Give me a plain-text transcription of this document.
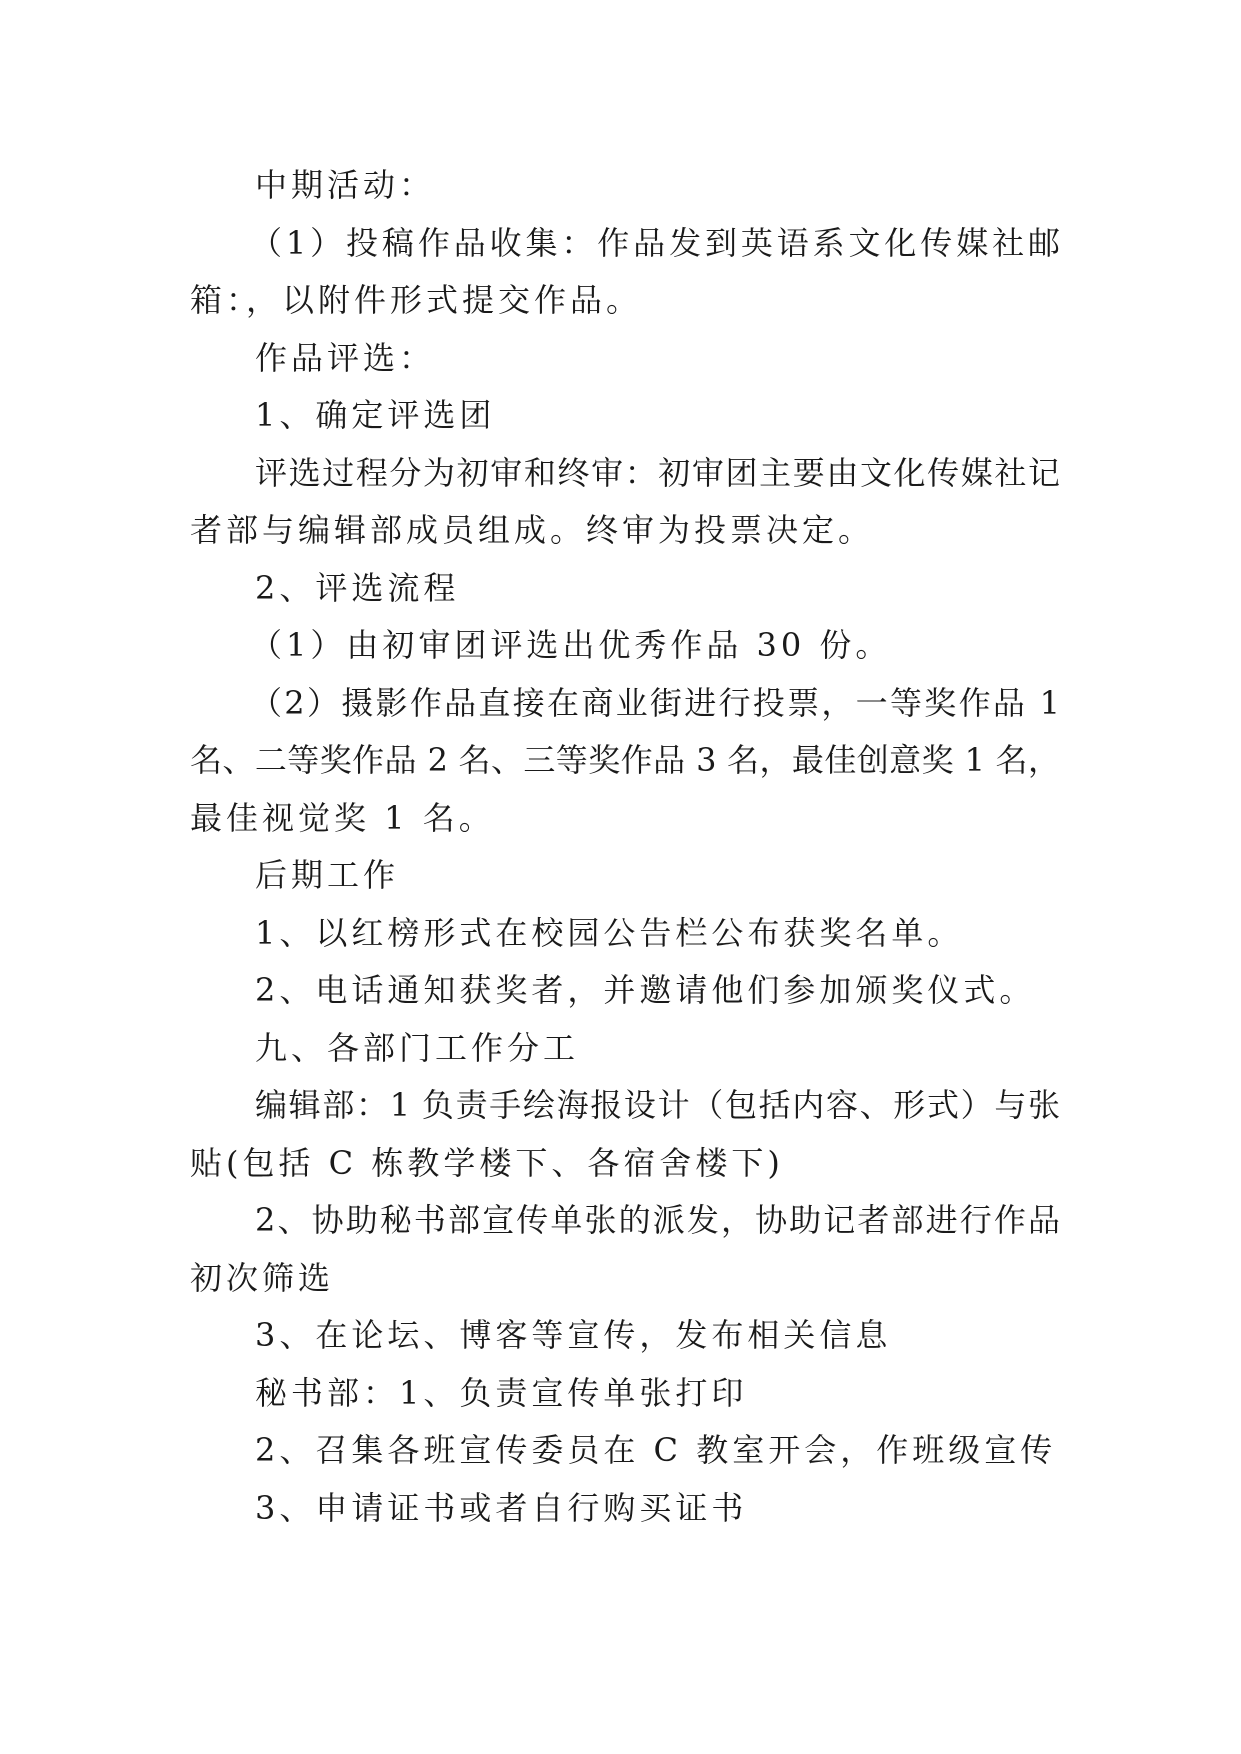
中期活动：
（1）投稿作品收集：作品发到英语系文化传媒社邮
箱：，以附件形式提交作品。
作品评选：
1、确定评选团
评选过程分为初审和终审：初审团主要由文化传媒社记
者部与编辑部成员组成。终审为投票决定。
2、评选流程
（1）由初审团评选出优秀作品 30 份。
（2）摄影作品直接在商业街进行投票，一等奖作品 1
名、二等奖作品 2 名、三等奖作品 3 名，最佳创意奖 1 名，
最佳视觉奖 1 名。
后期工作
1、以红榜形式在校园公告栏公布获奖名单。
2、电话通知获奖者，并邀请他们参加颁奖仪式。
九、各部门工作分工
编辑部：1 负责手绘海报设计（包括内容、形式）与张
贴(包括 C 栋教学楼下、各宿舍楼下)
2、协助秘书部宣传单张的派发，协助记者部进行作品
初次筛选
3、在论坛、博客等宣传，发布相关信息
秘书部：1、负责宣传单张打印
2、召集各班宣传委员在 C 教室开会，作班级宣传
3、申请证书或者自行购买证书
